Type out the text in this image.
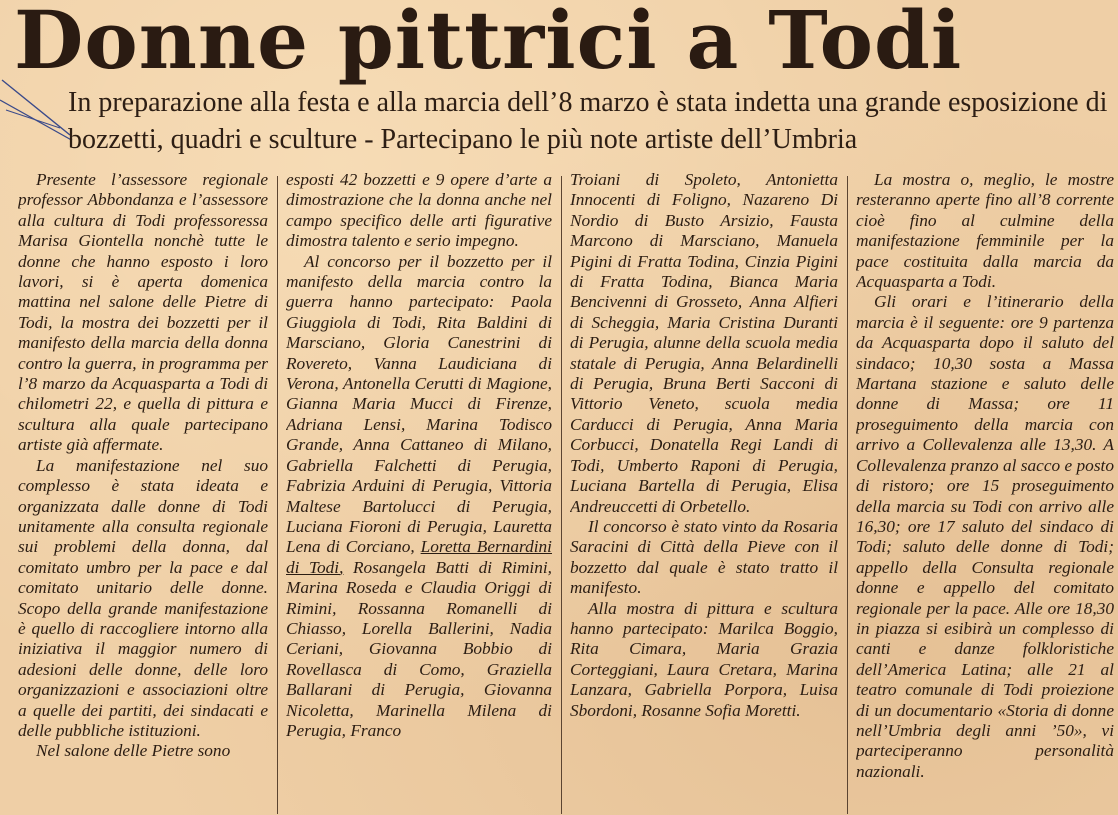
Donne pittrici a Todi

In preparazione alla festa e alla marcia dell’8 marzo è stata indetta una grande esposizione di bozzetti, quadri e sculture - Partecipano le più note artiste dell’Umbria

Presente l’assessore regionale professor Abbondanza e l’assessore alla cultura di Todi professoressa Marisa Giontella nonchè tutte le donne che hanno esposto i loro lavori, si è aperta domenica mattina nel salone delle Pietre di Todi, la mostra dei bozzetti per il manifesto della marcia della donna contro la guerra, in programma per l’8 marzo da Acquasparta a Todi di chilometri 22, e quella di pittura e scultura alla quale partecipano artiste già affermate.

La manifestazione nel suo complesso è stata ideata e organizzata dalle donne di Todi unitamente alla consulta regionale sui problemi della donna, dal comitato umbro per la pace e dal comitato unitario delle donne. Scopo della grande manifestazione è quello di raccogliere intorno alla iniziativa il maggior numero di adesioni delle donne, delle loro organizzazioni e associazioni oltre a quelle dei partiti, dei sindacati e delle pubbliche istituzioni.

Nel salone delle Pietre sono

esposti 42 bozzetti e 9 opere d’arte a dimostrazione che la donna anche nel campo specifico delle arti figurative dimostra talento e serio impegno.

Al concorso per il bozzetto per il manifesto della marcia contro la guerra hanno partecipato: Paola Giuggiola di Todi, Rita Baldini di Marsciano, Gloria Canestrini di Rovereto, Vanna Laudiciana di Verona, Antonella Cerutti di Magione, Gianna Maria Mucci di Firenze, Adriana Lensi, Marina Todisco Grande, Anna Cattaneo di Milano, Gabriella Falchetti di Perugia, Fabrizia Arduini di Perugia, Vittoria Maltese Bartolucci di Perugia, Luciana Fioroni di Perugia, Lauretta Lena di Corciano, Loretta Bernardini di Todi, Rosangela Batti di Rimini, Marina Roseda e Claudia Origgi di Rimini, Rossanna Romanelli di Chiasso, Lorella Ballerini, Nadia Ceriani, Giovanna Bobbio di Rovellasca di Como, Graziella Ballarani di Perugia, Giovanna Nicoletta, Marinella Milena di Perugia, Franco

Troiani di Spoleto, Antonietta Innocenti di Foligno, Nazareno Di Nordio di Busto Arsizio, Fausta Marcono di Marsciano, Manuela Pigini di Fratta Todina, Cinzia Pigini di Fratta Todina, Bianca Maria Bencivenni di Grosseto, Anna Alfieri di Scheggia, Maria Cristina Duranti di Perugia, alunne della scuola media statale di Perugia, Anna Belardinelli di Perugia, Bruna Berti Sacconi di Vittorio Veneto, scuola media Carducci di Perugia, Anna Maria Corbucci, Donatella Regi Landi di Todi, Umberto Raponi di Perugia, Luciana Bartella di Perugia, Elisa Andreuccetti di Orbetello.

Il concorso è stato vinto da Rosaria Saracini di Città della Pieve con il bozzetto dal quale è stato tratto il manifesto.

Alla mostra di pittura e scultura hanno partecipato: Marilca Boggio, Rita Cimara, Maria Grazia Corteggiani, Laura Cretara, Marina Lanzara, Gabriella Porpora, Luisa Sbordoni, Rosanne Sofia Moretti.

La mostra o, meglio, le mostre resteranno aperte fino all’8 corrente cioè fino al culmine della manifestazione femminile per la pace costituita dalla marcia da Acquasparta a Todi.

Gli orari e l’itinerario della marcia è il seguente: ore 9 partenza da Acquasparta dopo il saluto del sindaco; 10,30 sosta a Massa Martana stazione e saluto delle donne di Massa; ore 11 proseguimento della marcia con arrivo a Collevalenza alle 13,30. A Collevalenza pranzo al sacco e posto di ristoro; ore 15 proseguimento della marcia su Todi con arrivo alle 16,30; ore 17 saluto del sindaco di Todi; saluto delle donne di Todi; appello della Consulta regionale donne e appello del comitato regionale per la pace. Alle ore 18,30 in piazza si esibirà un complesso di canti e danze folkloristiche dell’America Latina; alle 21 al teatro comunale di Todi proiezione di un documentario «Storia di donne nell’Umbria degli anni ’50», vi parteciperanno personalità nazionali.
